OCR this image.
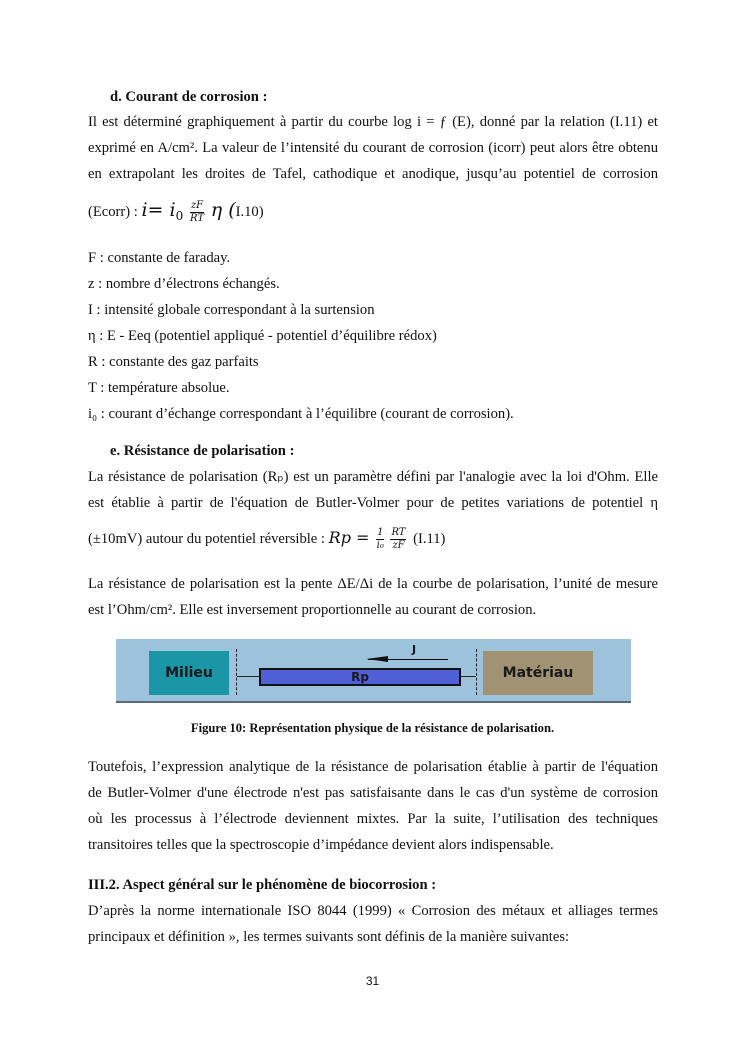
d. Courant de corrosion :
Il est déterminé graphiquement à partir du courbe log i = ƒ (E), donné par la relation (I.11) et
exprimé en A/cm². La valeur de l’intensité du courant de corrosion (icorr) peut alors être obtenu
en extrapolant les droites de Tafel, cathodique et anodique, jusqu’au potentiel de corrosion
(Ecorr) : $i= i_0 \frac{zF}{RT}$ η (I.10)
F : constante de faraday.
z : nombre d’électrons échangés.
I : intensité globale correspondant à la surtension
η : E - Eeq (potentiel appliqué - potentiel d’équilibre rédox)
R : constante des gaz parfaits
T : température absolue.
i₀ : courant d’échange correspondant à l’équilibre (courant de corrosion).
e. Résistance de polarisation :
La résistance de polarisation (Rₚ) est un paramètre défini par l'analogie avec la loi d'Ohm. Elle
est établie à partir de l'équation de Butler-Volmer pour de petites variations de potentiel η
(±10mV) autour du potentiel réversible : $Rp = \frac{1}{\text{i₀}} \frac{RT}{zF} (I.11)$
La résistance de polarisation est la pente ΔE/Δi de la courbe de polarisation, l’unité de mesure
est l’Ohm/cm². Elle est inversement proportionnelle au courant de corrosion.
Milieu	Matériau
Rp
J
Figure 10: Représentation physique de la résistance de polarisation.
Toutefois, l’expression analytique de la résistance de polarisation établie à partir de l'équation
de Butler-Volmer d'une électrode n'est pas satisfaisante dans le cas d'un système de corrosion
où les processus à l’électrode deviennent mixtes. Par la suite, l’utilisation des techniques
transitoires telles que la spectroscopie d’impédance devient alors indispensable.
III.2. Aspect général sur le phénomène de biocorrosion :
D’après la norme internationale ISO 8044 (1999) « Corrosion des métaux et alliages termes
principaux et définition », les termes suivants sont définis de la manière suivantes:
31
